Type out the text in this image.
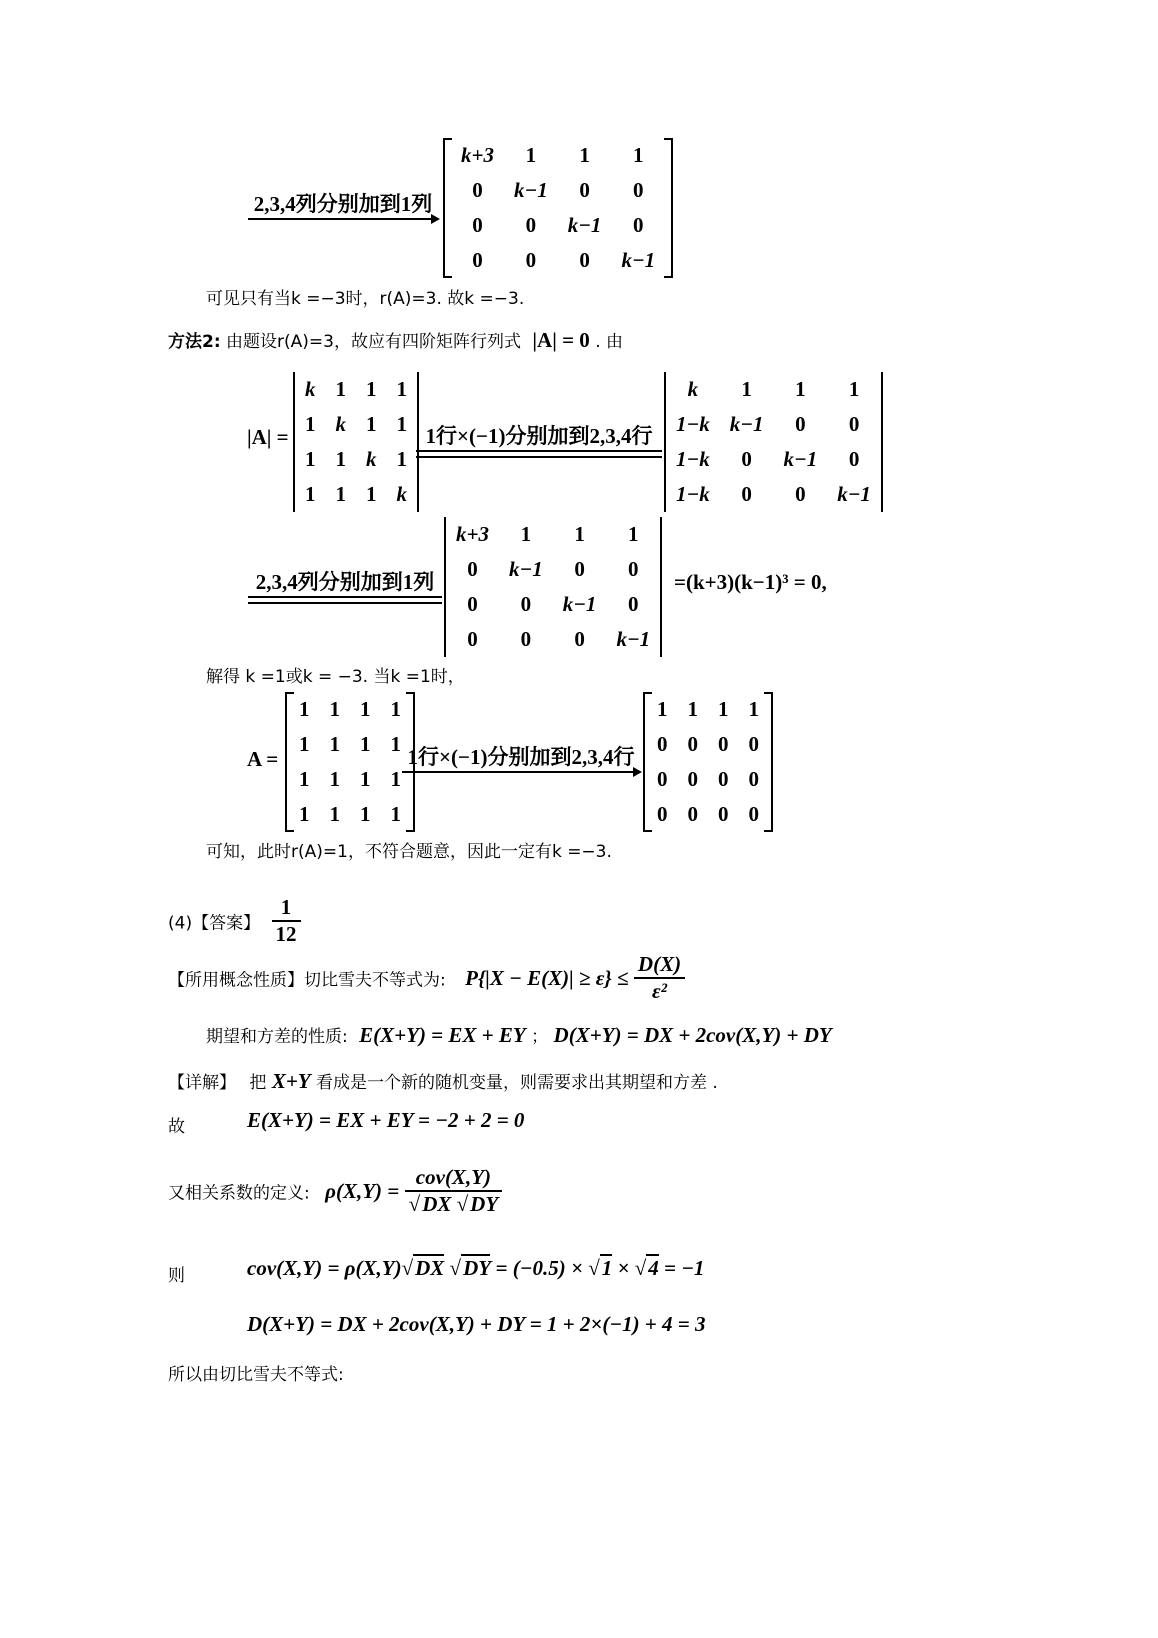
2,3,4列分别加到1列
k+3	1	1	1
0	k−1	0	0
0	0	k−1	0
0	0	0	k−1
可见只有当k =−3时，r(A)=3. 故k =−3.
方法2: 由题设r(A)=3，故应有四阶矩阵行列式 |A| = 0 . 由
|A| =
k	1	1	1
1	k	1	1
1	1	k	1
1	1	1	k
1行×(−1)分别加到2,3,4行
k	1	1	1
1−k	k−1	0	0
1−k	0	k−1	0
1−k	0	0	k−1
2,3,4列分别加到1列
k+3	1	1	1
0	k−1	0	0
0	0	k−1	0
0	0	0	k−1
=(k+3)(k−1)³ = 0,
解得 k =1或k = −3. 当k =1时，
A =
1	1	1	1
1	1	1	1
1	1	1	1
1	1	1	1
1行×(−1)分别加到2,3,4行
1	1	1	1
0	0	0	0
0	0	0	0
0	0	0	0
可知，此时r(A)=1，不符合题意，因此一定有k =−3.
(4)【答案】 $\frac{1}{12}$
【所用概念性质】切比雪夫不等式为: $P\{|X - E(X)| \ge \varepsilon\} \le \frac{D(X)}{\text{ε²}}$
期望和方差的性质: E(X+Y) = EX + EY ； D(X+Y) = DX + 2cov(X,Y) + DY
【详解】 把 X+Y 看成是一个新的随机变量，则需要求出其期望和方差 .
故	E(X+Y) = EX + EY = −2 + 2 = 0
又相关系数的定义: $\rho(X,Y) = \frac{\text{cov(X,Y)}}{√DX √DY}$
则	cov(X,Y) = ρ(X,Y)√DX √DY = (−0.5) × √1 × √4 = −1
D(X+Y) = DX + 2cov(X,Y) + DY = 1 + 2×(−1) + 4 = 3
所以由切比雪夫不等式:
